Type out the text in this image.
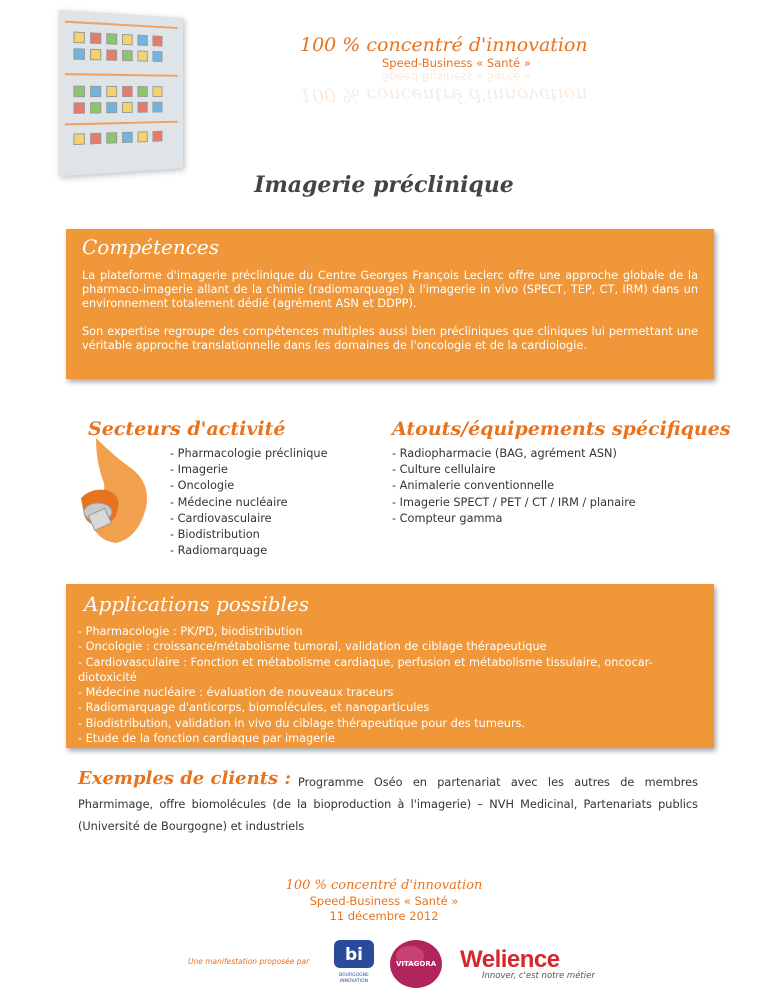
100 % concentré d'innovation
Speed-Business « Santé »
100 % concentré d'innovation
Speed-Business « Santé »
Imagerie préclinique
Compétences

La plateforme d'imagerie préclinique du Centre Georges François Leclerc offre une approche globale de la pharmaco-imagerie allant de la chimie (radiomarquage) à l'imagerie in vivo (SPECT, TEP, CT, IRM) dans un environnement totalement dédié (agrément ASN et DDPP).

Son expertise regroupe des compétences multiples aussi bien précliniques que cliniques lui permettant une véritable approche translationnelle dans les domaines de l'oncologie et de la cardiologie.

Secteurs d'activité
- Pharmacologie préclinique
- Imagerie
- Oncologie
- Médecine nucléaire
- Cardiovasculaire
- Biodistribution
- Radiomarquage
Atouts/équipements spécifiques
- Radiopharmacie (BAG, agrément ASN)
- Culture cellulaire
- Animalerie conventionnelle
- Imagerie SPECT / PET / CT / IRM / planaire
- Compteur gamma
Applications possibles
- Pharmacologie : PK/PD, biodistribution
- Oncologie : croissance/métabolisme tumoral, validation de ciblage thérapeutique
- Cardiovasculaire : Fonction et métabolisme cardiaque, perfusion et métabolisme tissulaire, oncocar-
diotoxicité
- Médecine nucléaire : évaluation de nouveaux traceurs
- Radiomarquage d'anticorps, biomolécules, et nanoparticules
- Biodistribution, validation in vivo du ciblage thérapeutique pour des tumeurs.
- Etude de la fonction cardiaque par imagerie
Exemples de clients : Programme Oséo en partenariat avec les autres de membres Pharmimage, offre biomolécules (de la bioproduction à l'imagerie) – NVH Medicinal, Partenariats publics (Université de Bourgogne) et industriels

100 % concentré d'innovation
Speed-Business « Santé »
11 décembre 2012
Une manifestation proposée par bi
BOURGOGNE INNOVATION
VITAGORA Welience
Innover, c'est notre métier
